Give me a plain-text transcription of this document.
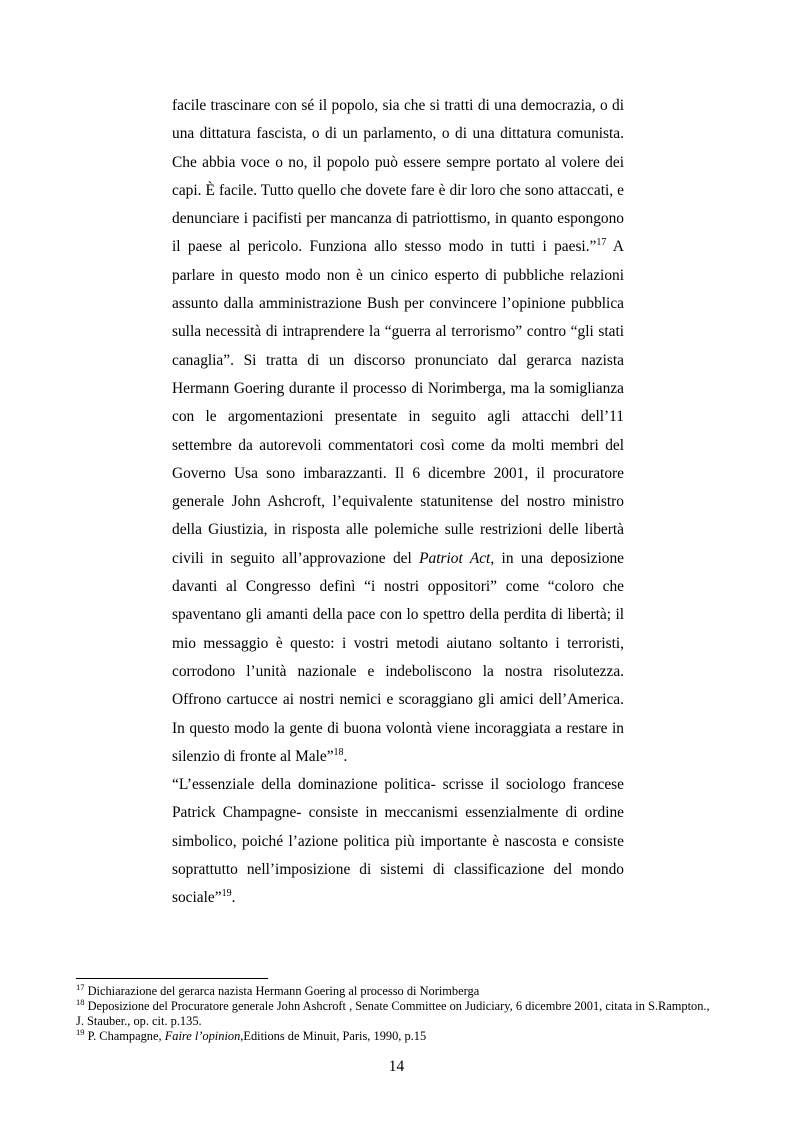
facile trascinare con sé il popolo, sia che si tratti di una democrazia, o di una dittatura fascista, o di un parlamento, o di una dittatura comunista. Che abbia voce o no, il popolo può essere sempre portato al volere dei capi. È facile. Tutto quello che dovete fare è dir loro che sono attaccati, e denunciare i pacifisti per mancanza di patriottismo, in quanto espongono il paese al pericolo. Funziona allo stesso modo in tutti i paesi.”$^{17}$ A parlare in questo modo non è un cinico esperto di pubbliche relazioni assunto dalla amministrazione Bush per convincere l’opinione pubblica sulla necessità di intraprendere la “guerra al terrorismo” contro “gli stati canaglia”. Si tratta di un discorso pronunciato dal gerarca nazista Hermann Goering durante il processo di Norimberga, ma la somiglianza con le argomentazioni presentate in seguito agli attacchi dell’11 settembre da autorevoli commentatori così come da molti membri del Governo Usa sono imbarazzanti. Il 6 dicembre 2001, il procuratore generale John Ashcroft, l’equivalente statunitense del nostro ministro della Giustizia, in risposta alle polemiche sulle restrizioni delle libertà civili in seguito all’approvazione del Patriot Act, in una deposizione davanti al Congresso definì “i nostri oppositori” come “coloro che spaventano gli amanti della pace con lo spettro della perdita di libertà; il mio messaggio è questo: i vostri metodi aiutano soltanto i terroristi, corrodono l’unità nazionale e indeboliscono la nostra risolutezza. Offrono cartucce ai nostri nemici e scoraggiano gli amici dell’America. In questo modo la gente di buona volontà viene incoraggiata a restare in silenzio di fronte al Male”$^{18}$.

“L’essenziale della dominazione politica- scrisse il sociologo francese Patrick Champagne- consiste in meccanismi essenzialmente di ordine simbolico, poiché l’azione politica più importante è nascosta e consiste soprattutto nell’imposizione di sistemi di classificazione del mondo sociale”$^{19}$.

$^{17}$ Dichiarazione del gerarca nazista Hermann Goering al processo di Norimberga

$^{18}$ Deposizione del Procuratore generale John Ashcroft , Senate Committee on Judiciary, 6 dicembre 2001, citata in S.Rampton., J. Stauber., op. cit. p.135.

$^{19}$ P. Champagne, Faire l’opinion,Editions de Minuit, Paris, 1990, p.15

14
